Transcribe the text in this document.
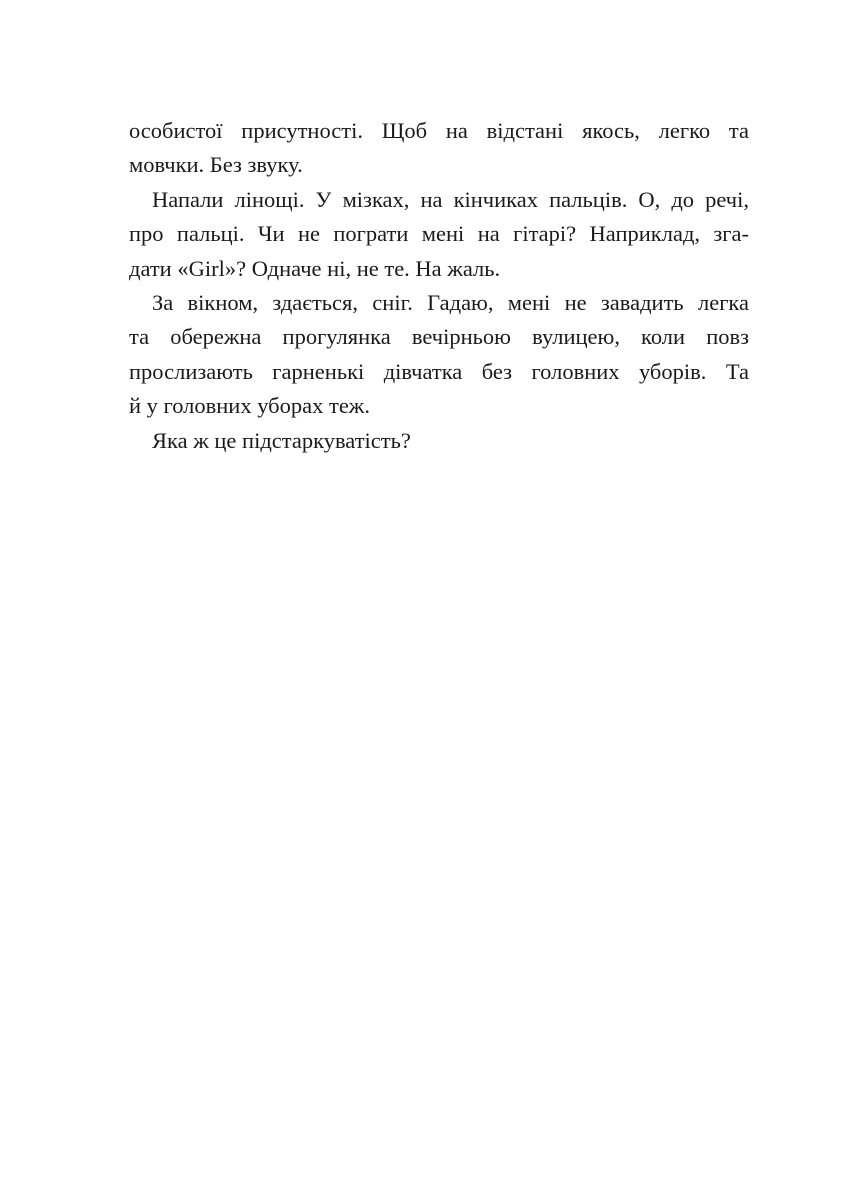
особистої присутності. Щоб на відстані якось, легко та
мовчки. Без звуку.

Напали лінощі. У мізках, на кінчиках пальців. О, до речі,
про пальці. Чи не пограти мені на гітарі? Наприклад, зга-
дати «Girl»? Одначе ні, не те. На жаль.

За вікном, здається, сніг. Гадаю, мені не завадить легка
та обережна прогулянка вечірньою вулицею, коли повз
прослизають гарненькі дівчатка без головних уборів. Та
й у головних уборах теж.

Яка ж це підстаркуватість?
